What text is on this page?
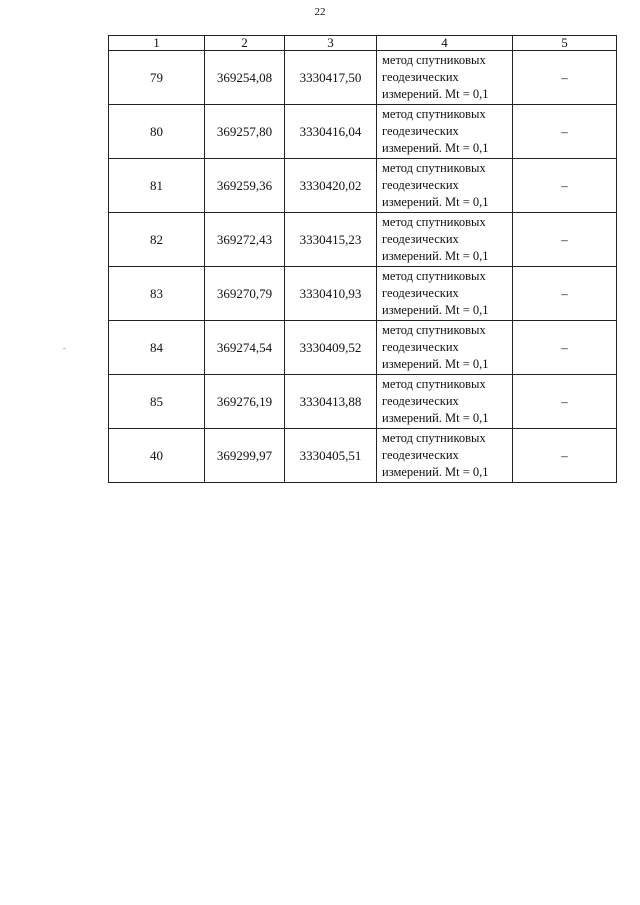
22
1	2	3	4	5
79	369254,08	3330417,50	метод спутниковых
геодезических
измерений. Mt = 0,1	–
80	369257,80	3330416,04	метод спутниковых
геодезических
измерений. Mt = 0,1	–
81	369259,36	3330420,02	метод спутниковых
геодезических
измерений. Mt = 0,1	–
82	369272,43	3330415,23	метод спутниковых
геодезических
измерений. Mt = 0,1	–
83	369270,79	3330410,93	метод спутниковых
геодезических
измерений. Mt = 0,1	–
84	369274,54	3330409,52	метод спутниковых
геодезических
измерений. Mt = 0,1	–
85	369276,19	3330413,88	метод спутниковых
геодезических
измерений. Mt = 0,1	–
40	369299,97	3330405,51	метод спутниковых
геодезических
измерений. Mt = 0,1	–
